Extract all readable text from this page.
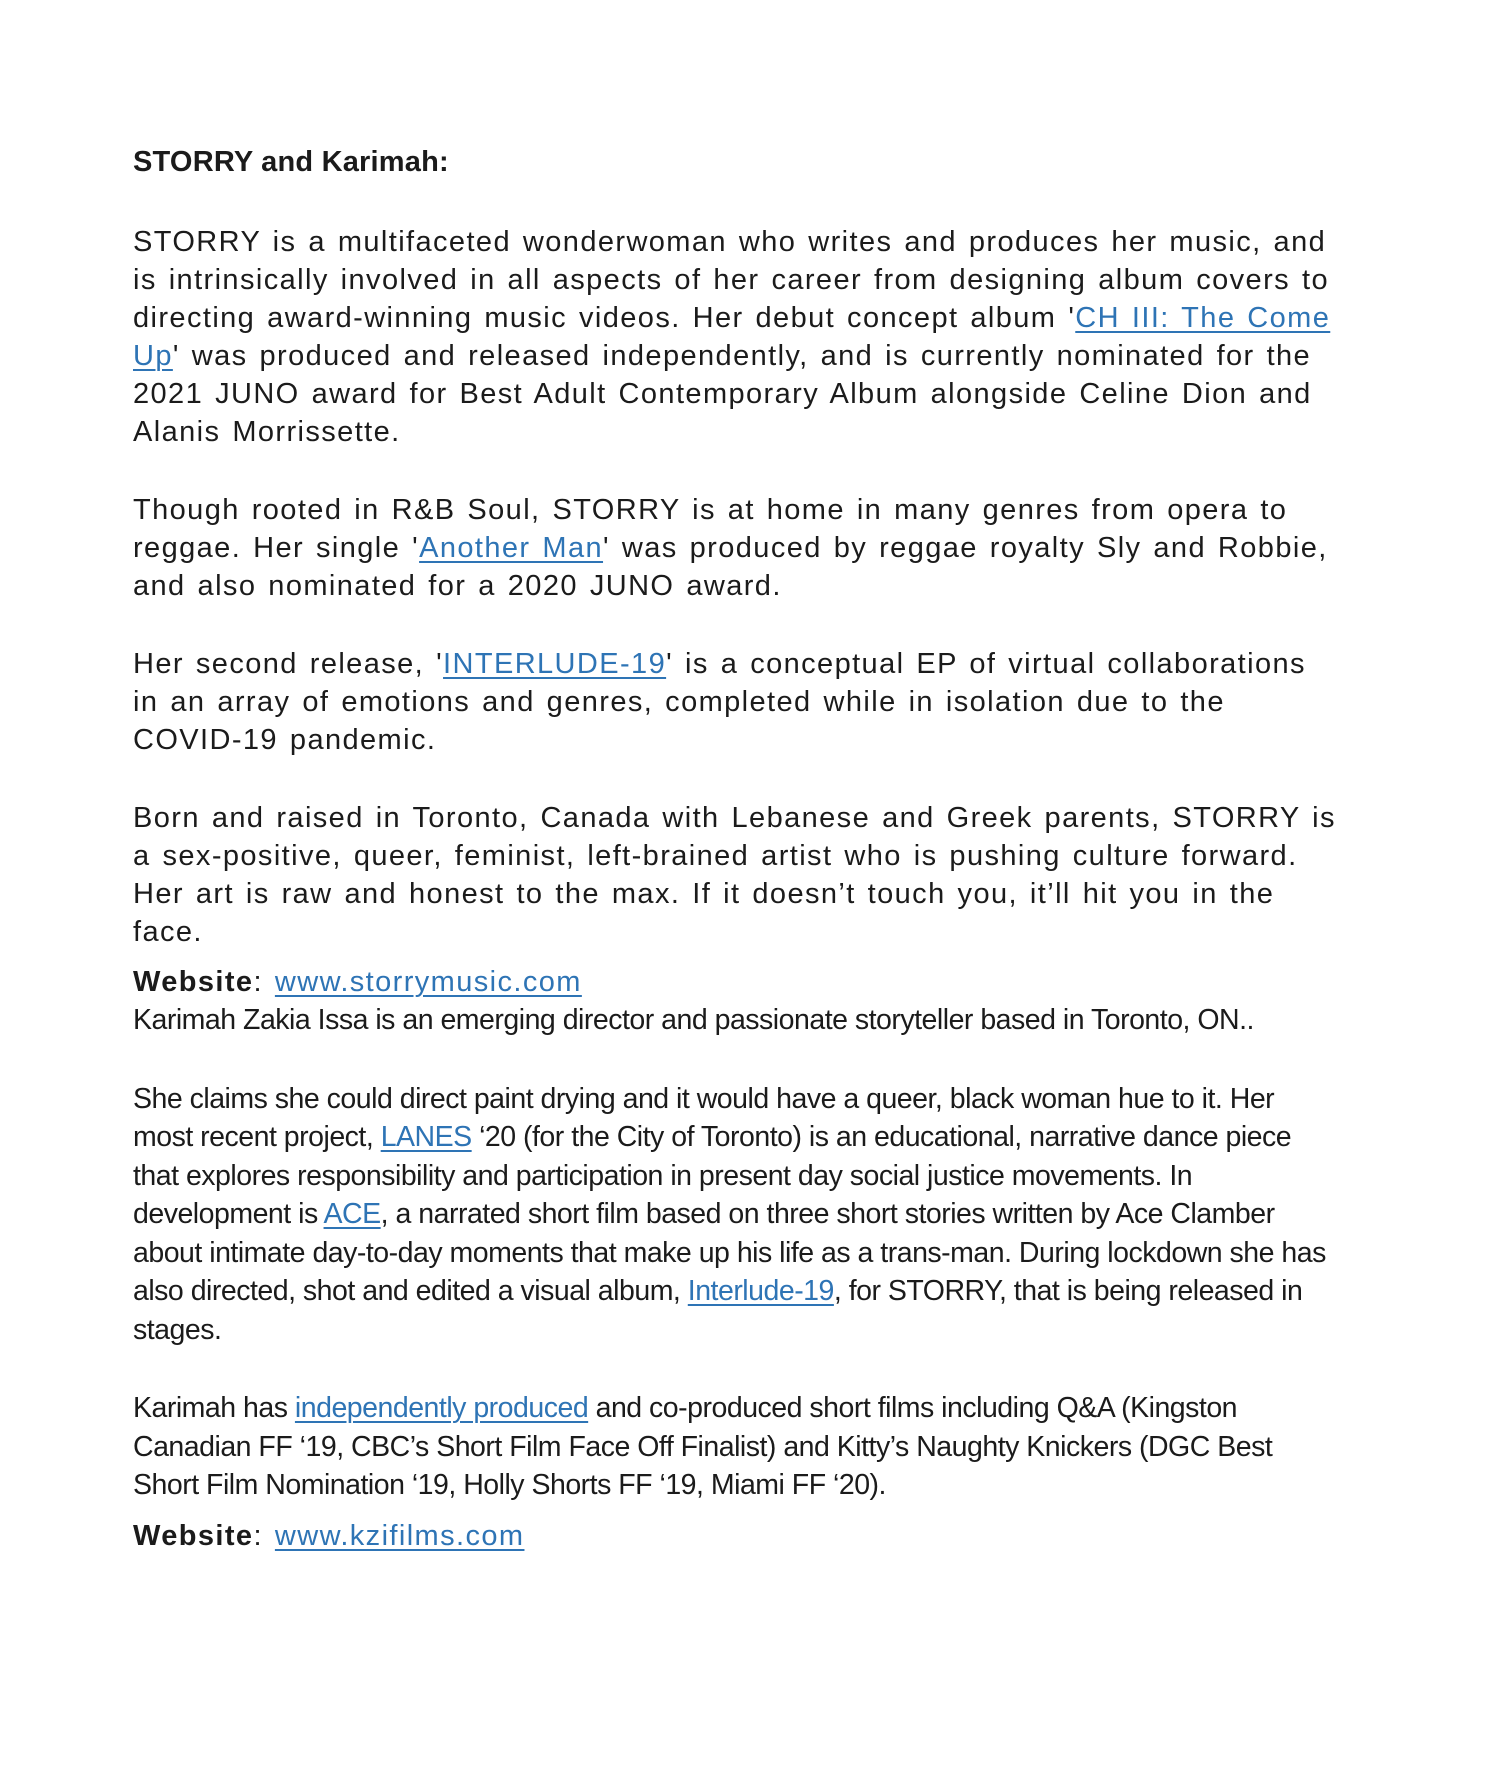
STORRY and Karimah:

STORRY is a multifaceted wonderwoman who writes and produces her music, and is intrinsically involved in all aspects of her career from designing album covers to directing award-winning music videos. Her debut concept album 'CH III: The Come Up' was produced and released independently, and is currently nominated for the 2021 JUNO award for Best Adult Contemporary Album alongside Celine Dion and Alanis Morrissette.

Though rooted in R&B Soul, STORRY is at home in many genres from opera to reggae. Her single 'Another Man' was produced by reggae royalty Sly and Robbie, and also nominated for a 2020 JUNO award.

Her second release, 'INTERLUDE-19' is a conceptual EP of virtual collaborations in an array of emotions and genres, completed while in isolation due to the COVID-19 pandemic.

Born and raised in Toronto, Canada with Lebanese and Greek parents, STORRY is a sex-positive, queer, feminist, left-brained artist who is pushing culture forward. Her art is raw and honest to the max. If it doesn’t touch you, it’ll hit you in the face.

Website: www.storrymusic.com

Karimah Zakia Issa is an emerging director and passionate storyteller based in Toronto, ON..

She claims she could direct paint drying and it would have a queer, black woman hue to it. Her most recent project, LANES ‘20 (for the City of Toronto) is an educational, narrative dance piece that explores responsibility and participation in present day social justice movements. In development is ACE, a narrated short film based on three short stories written by Ace Clamber about intimate day-to-day moments that make up his life as a trans-man. During lockdown she has also directed, shot and edited a visual album, Interlude-19, for STORRY, that is being released in stages.

Karimah has independently produced and co-produced short films including Q&A (Kingston Canadian FF ‘19, CBC’s Short Film Face Off Finalist) and Kitty’s Naughty Knickers (DGC Best Short Film Nomination ‘19, Holly Shorts FF ‘19, Miami FF ‘20).

Website: www.kzifilms.com
